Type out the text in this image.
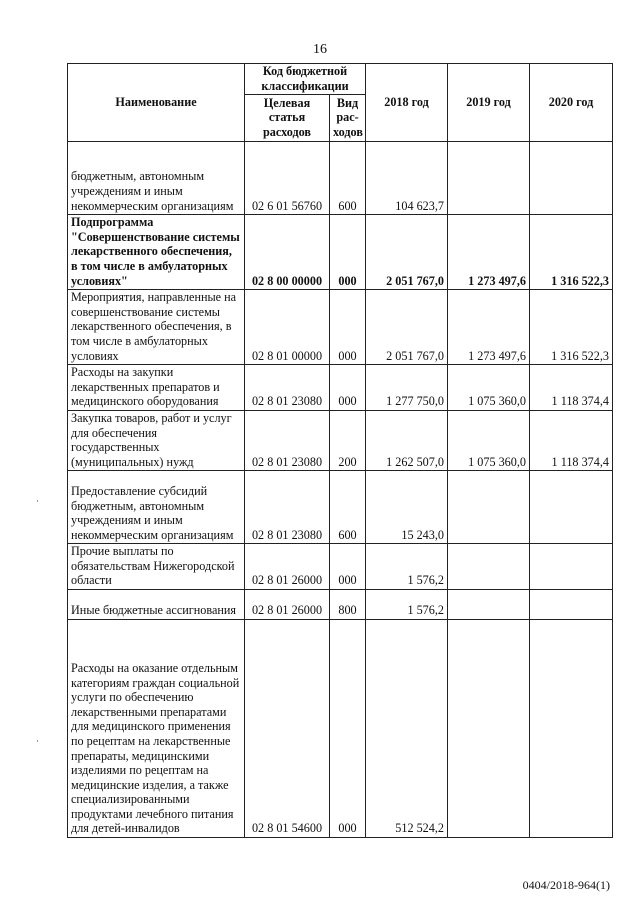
16
Наименование	Код бюджетной классификации		2018 год	2019 год	2020 год
	Целевая статья расходов	Вид рас- ходов			
бюджетным, автономным учреждениям и иным некоммерческим организациям	02 6 01 56760	600	104 623,7		
Подпрограмма "Совершенствование системы лекарственного обеспечения, в том числе в амбулаторных условиях"	02 8 00 00000	000	2 051 767,0	1 273 497,6	1 316 522,3
Мероприятия, направленные на совершенствование системы лекарственного обеспечения, в том числе в амбулаторных условиях	02 8 01 00000	000	2 051 767,0	1 273 497,6	1 316 522,3
Расходы на закупки лекарственных препаратов и медицинского оборудования	02 8 01 23080	000	1 277 750,0	1 075 360,0	1 118 374,4
Закупка товаров, работ и услуг для обеспечения государственных (муниципальных) нужд	02 8 01 23080	200	1 262 507,0	1 075 360,0	1 118 374,4
Предоставление субсидий бюджетным, автономным учреждениям и иным некоммерческим организациям	02 8 01 23080	600	15 243,0		
Прочие выплаты по обязательствам Нижегородской области	02 8 01 26000	000	1 576,2		
Иные бюджетные ассигнования	02 8 01 26000	800	1 576,2		
Расходы на оказание отдельным категориям граждан социальной услуги по обеспечению лекарственными препаратами для медицинского применения по рецептам на лекарственные препараты, медицинскими изделиями по рецептам на медицинские изделия, а также специализированными продуктами лечебного питания для детей-инвалидов	02 8 01 54600	000	512 524,2		
0404/2018-964(1)
